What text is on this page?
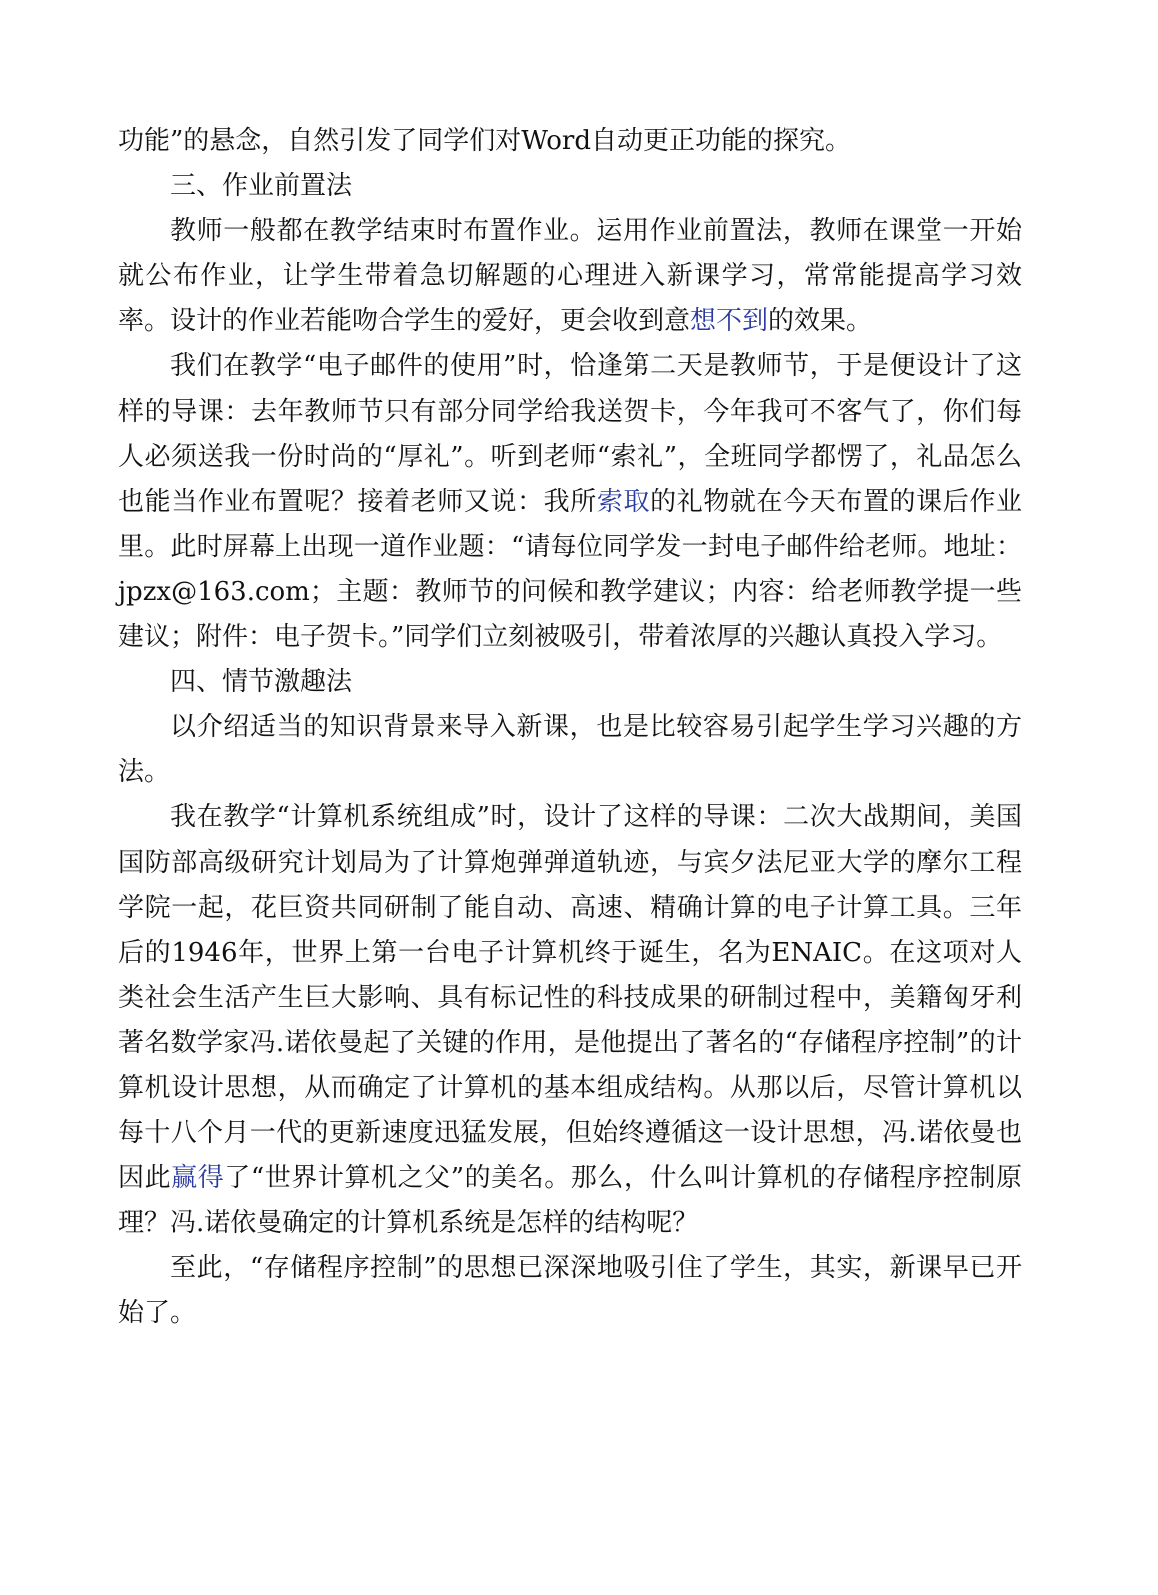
功能”的悬念，自然引发了同学们对Word自动更正功能的探究。

三、作业前置法

教师一般都在教学结束时布置作业。运用作业前置法，教师在课堂一开始就公布作业，让学生带着急切解题的心理进入新课学习，常常能提高学习效率。设计的作业若能吻合学生的爱好，更会收到意想不到的效果。

我们在教学“电子邮件的使用”时，恰逢第二天是教师节，于是便设计了这样的导课：去年教师节只有部分同学给我送贺卡，今年我可不客气了，你们每人必须送我一份时尚的“厚礼”。听到老师“索礼”，全班同学都愣了，礼品怎么也能当作业布置呢？接着老师又说：我所索取的礼物就在今天布置的课后作业里。此时屏幕上出现一道作业题：“请每位同学发一封电子邮件给老师。地址：jpzx@163.com；主题：教师节的问候和教学建议；内容：给老师教学提一些建议；附件：电子贺卡。”同学们立刻被吸引，带着浓厚的兴趣认真投入学习。

四、情节激趣法

以介绍适当的知识背景来导入新课，也是比较容易引起学生学习兴趣的方法。

我在教学“计算机系统组成”时，设计了这样的导课：二次大战期间，美国国防部高级研究计划局为了计算炮弹弹道轨迹，与宾夕法尼亚大学的摩尔工程学院一起，花巨资共同研制了能自动、高速、精确计算的电子计算工具。三年后的1946年，世界上第一台电子计算机终于诞生，名为ENAIC。在这项对人类社会生活产生巨大影响、具有标记性的科技成果的研制过程中，美籍匈牙利著名数学家冯.诺依曼起了关键的作用，是他提出了著名的“存储程序控制”的计算机设计思想，从而确定了计算机的基本组成结构。从那以后，尽管计算机以每十八个月一代的更新速度迅猛发展，但始终遵循这一设计思想，冯.诺依曼也因此赢得了“世界计算机之父”的美名。那么，什么叫计算机的存储程序控制原理？冯.诺依曼确定的计算机系统是怎样的结构呢？

至此，“存储程序控制”的思想已深深地吸引住了学生，其实，新课早已开始了。
